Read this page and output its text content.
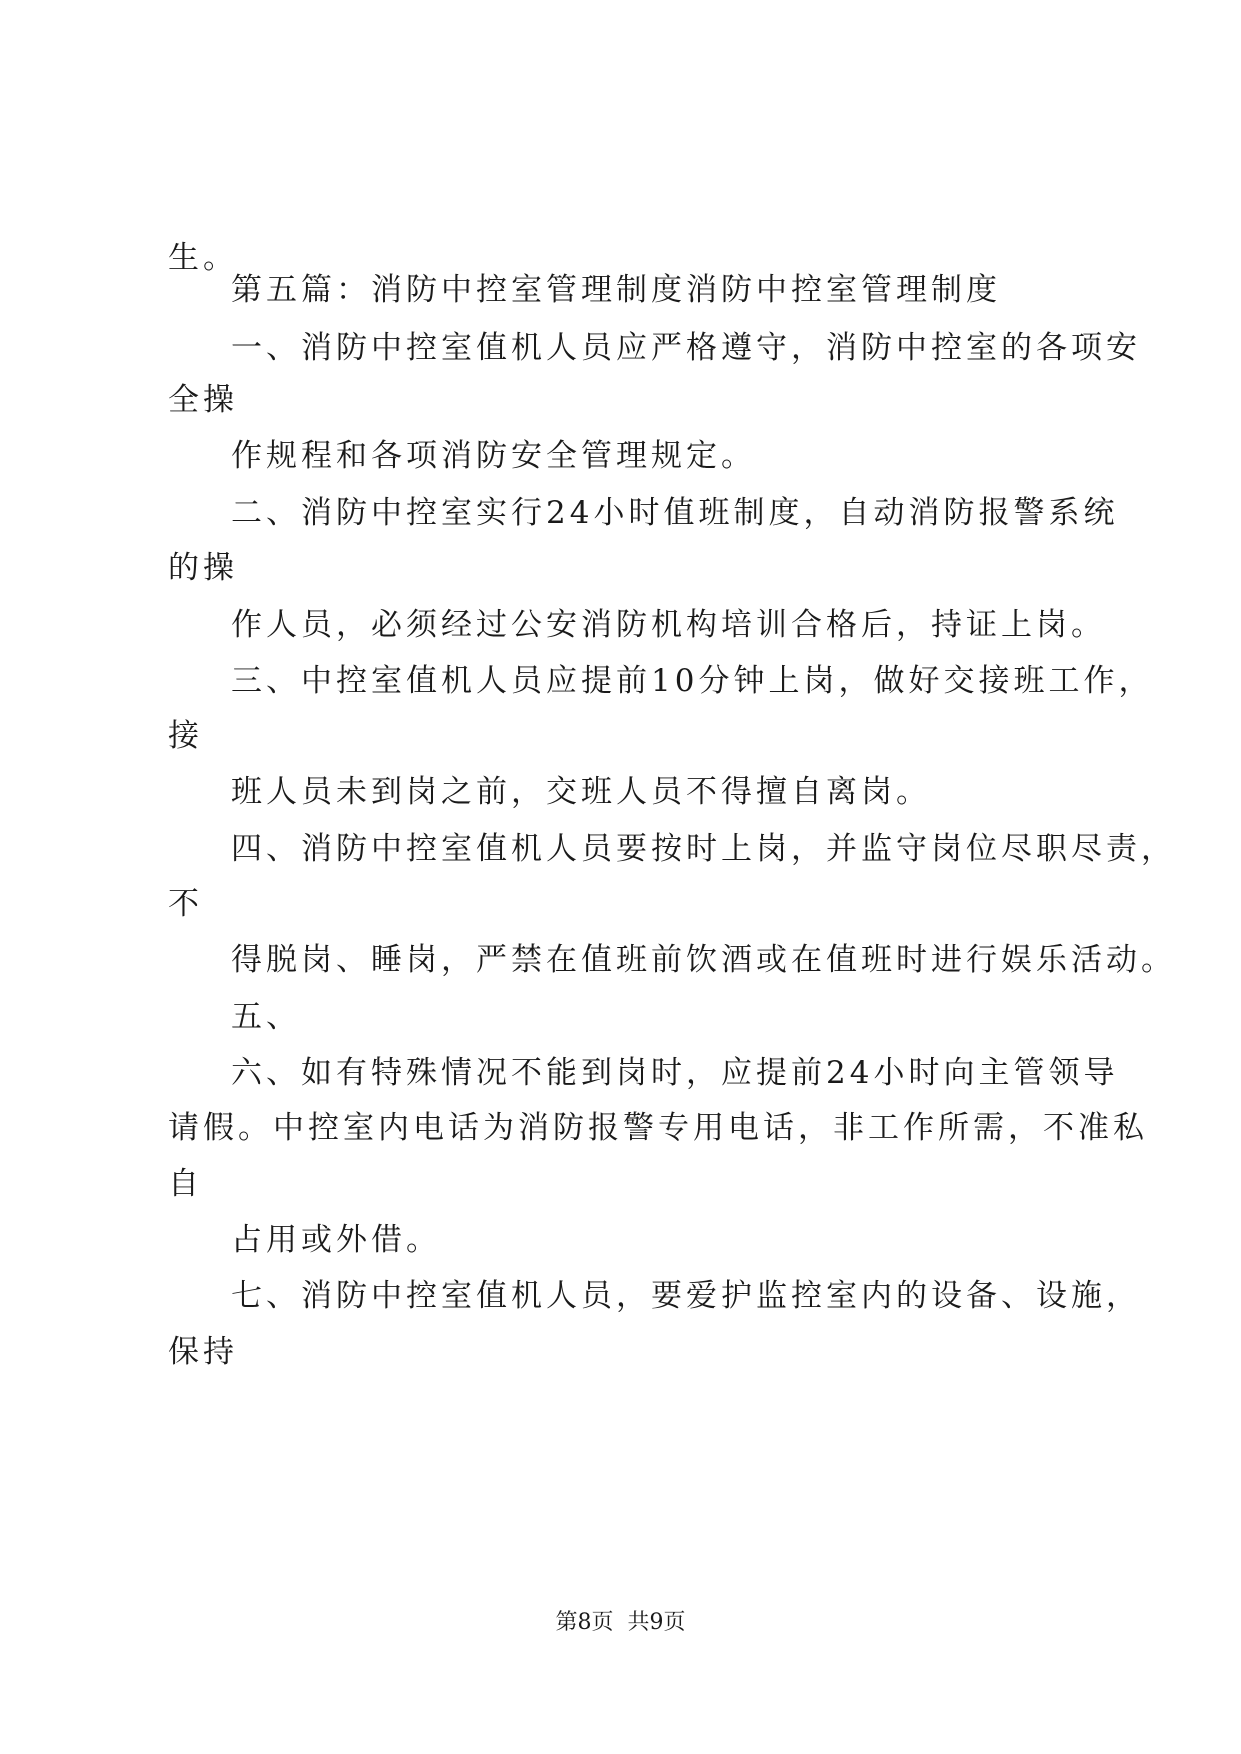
生。
第五篇：消防中控室管理制度消防中控室管理制度
一、消防中控室值机人员应严格遵守，消防中控室的各项安
全操
作规程和各项消防安全管理规定。
二、消防中控室实行24小时值班制度，自动消防报警系统
的操
作人员，必须经过公安消防机构培训合格后，持证上岗。
三、中控室值机人员应提前10分钟上岗，做好交接班工作，
接
班人员未到岗之前，交班人员不得擅自离岗。
四、消防中控室值机人员要按时上岗，并监守岗位尽职尽责，
不
得脱岗、睡岗，严禁在值班前饮酒或在值班时进行娱乐活动。
五、
六、如有特殊情况不能到岗时，应提前24小时向主管领导
请假。中控室内电话为消防报警专用电话，非工作所需，不准私
自
占用或外借。
七、消防中控室值机人员，要爱护监控室内的设备、设施，
保持
第8页 共9页
